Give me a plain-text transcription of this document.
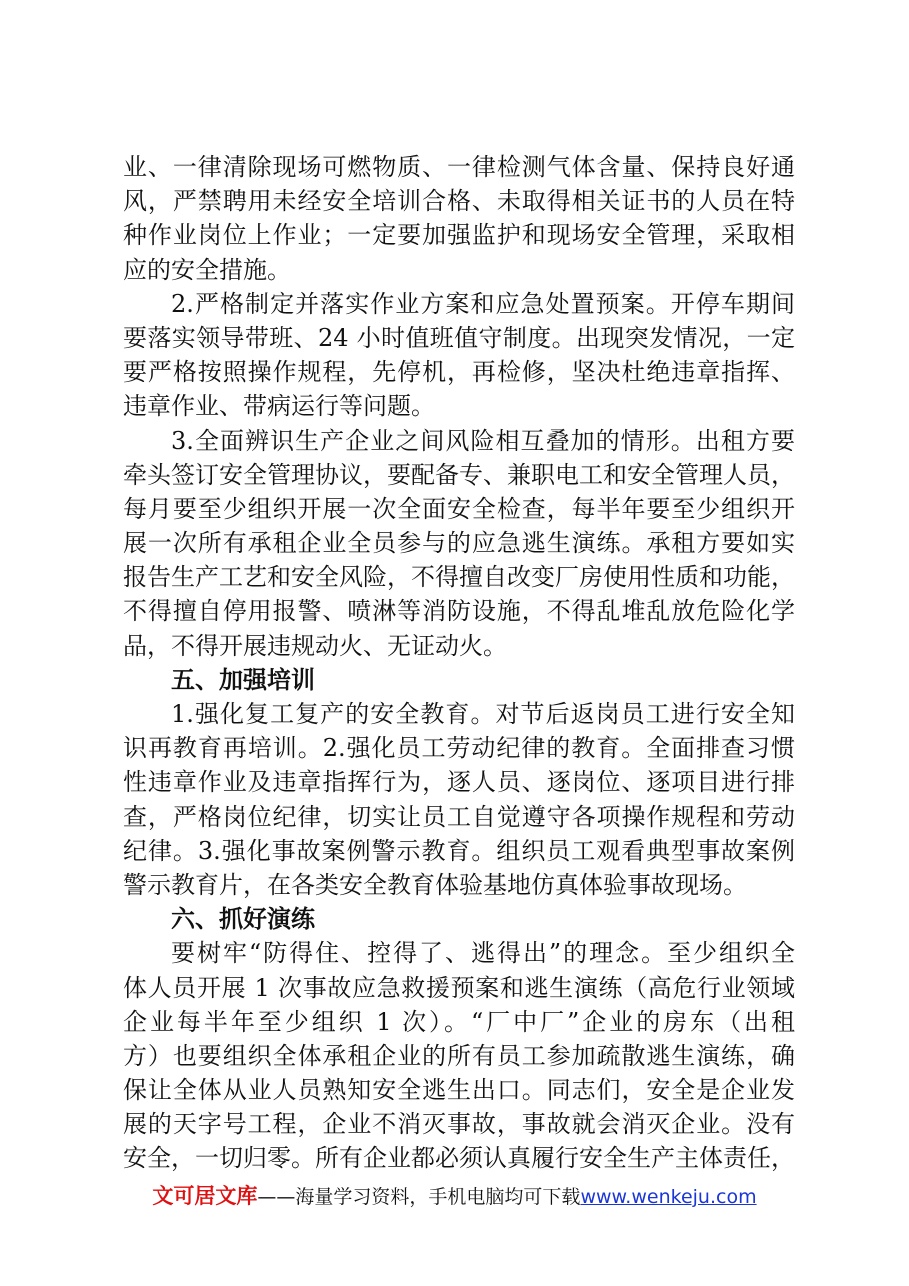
业、一律清除现场可燃物质、一律检测气体含量、保持良好通
风，严禁聘用未经安全培训合格、未取得相关证书的人员在特
种作业岗位上作业；一定要加强监护和现场安全管理，采取相
应的安全措施。
2.严格制定并落实作业方案和应急处置预案。开停车期间
要落实领导带班、24 小时值班值守制度。出现突发情况，一定
要严格按照操作规程，先停机，再检修，坚决杜绝违章指挥、
违章作业、带病运行等问题。
3.全面辨识生产企业之间风险相互叠加的情形。出租方要
牵头签订安全管理协议，要配备专、兼职电工和安全管理人员，
每月要至少组织开展一次全面安全检查，每半年要至少组织开
展一次所有承租企业全员参与的应急逃生演练。承租方要如实
报告生产工艺和安全风险，不得擅自改变厂房使用性质和功能，
不得擅自停用报警、喷淋等消防设施，不得乱堆乱放危险化学
品，不得开展违规动火、无证动火。
五、加强培训
1.强化复工复产的安全教育。对节后返岗员工进行安全知
识再教育再培训。2.强化员工劳动纪律的教育。全面排查习惯
性违章作业及违章指挥行为，逐人员、逐岗位、逐项目进行排
查，严格岗位纪律，切实让员工自觉遵守各项操作规程和劳动
纪律。3.强化事故案例警示教育。组织员工观看典型事故案例
警示教育片，在各类安全教育体验基地仿真体验事故现场。
六、抓好演练
要树牢“防得住、控得了、逃得出”的理念。至少组织全
体人员开展 1 次事故应急救援预案和逃生演练（高危行业领域
企业每半年至少组织 1 次）。“厂中厂”企业的房东（出租
方）也要组织全体承租企业的所有员工参加疏散逃生演练，确
保让全体从业人员熟知安全逃生出口。同志们，安全是企业发
展的天字号工程，企业不消灭事故，事故就会消灭企业。没有
安全，一切归零。所有企业都必须认真履行安全生产主体责任，
文可居文库——海量学习资料，手机电脑均可下载www.wenkeju.com
